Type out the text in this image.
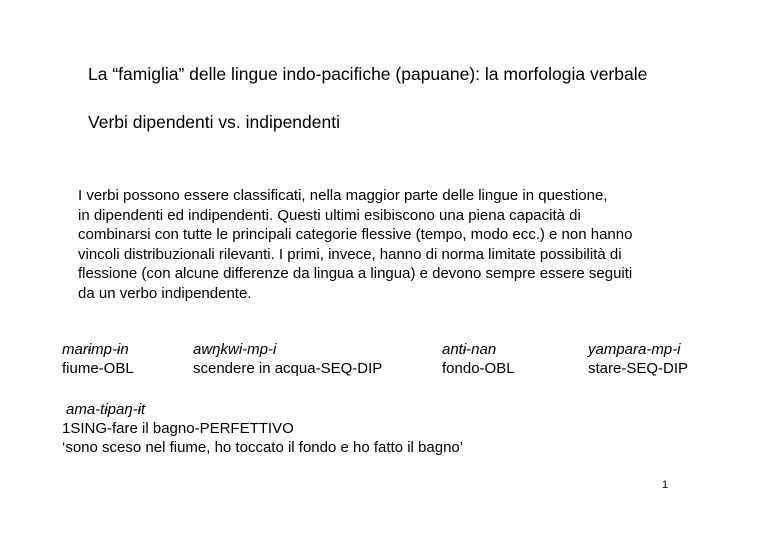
La “famiglia” delle lingue indo-pacifiche (papuane): la morfologia verbale
Verbi dipendenti vs. indipendenti
I verbi possono essere classificati, nella maggior parte delle lingue in questione,
in dipendenti ed indipendenti. Questi ultimi esibiscono una piena capacità di
combinarsi con tutte le principali categorie flessive (tempo, modo ecc.) e non hanno
vincoli distribuzionali rilevanti. I primi, invece, hanno di norma limitate possibilità di
flessione (con alcune differenze da lingua a lingua) e devono sempre essere seguiti
da un verbo indipendente.
marɨmp-ɨn
fiume-OBL
awŋkwi-mp-i
scendere in acqua-SEQ-DIP
antɨ-nan
fondo-OBL
yampara-mp-i
stare-SEQ-DIP
ama-tɨpaŋ-ɨt
1SING-fare il bagno-PERFETTIVO
‘sono sceso nel fiume, ho toccato il fondo e ho fatto il bagno’
1
